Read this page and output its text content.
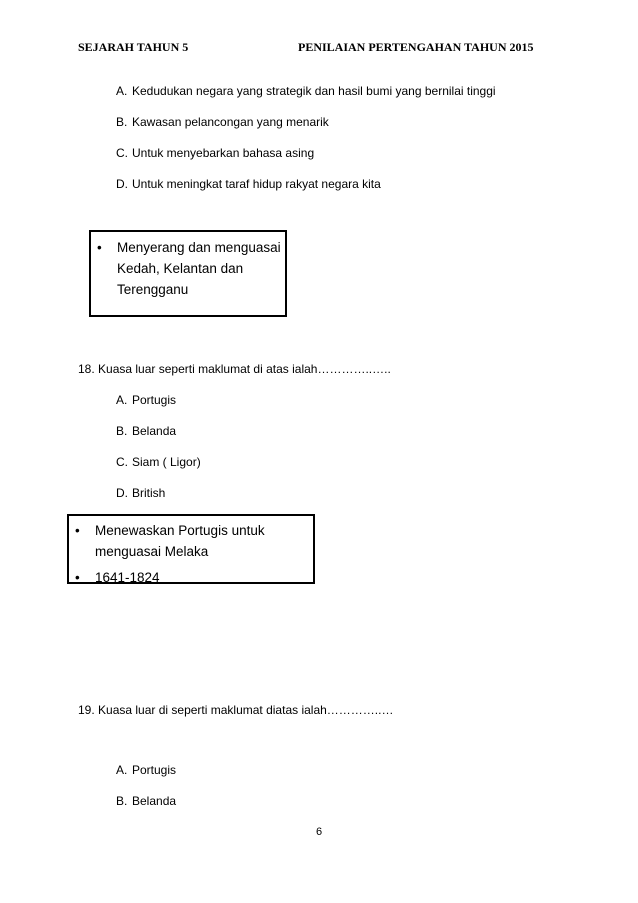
SEJARAH TAHUN 5	PENILAIAN PERTENGAHAN TAHUN 2015
A. Kedudukan negara yang strategik dan hasil bumi yang bernilai tinggi
B. Kawasan pelancongan yang menarik
C. Untuk menyebarkan bahasa asing
D. Untuk meningkat taraf hidup rakyat negara kita
•	Menyerang dan menguasai
Kedah, Kelantan dan
Terengganu
18. Kuasa luar seperti maklumat di atas ialah…………..…..
A. Portugis
B. Belanda
C. Siam ( Ligor)
D. British
•	Menewaskan Portugis untuk
menguasai Melaka
•	1641-1824
19. Kuasa luar di seperti maklumat diatas ialah…………..…
A. Portugis
B. Belanda
6
